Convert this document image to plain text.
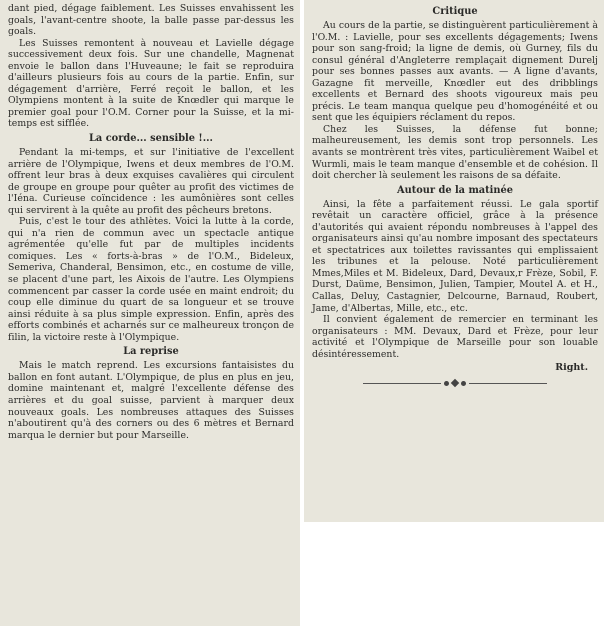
dant pied, dégage faiblement. Les Suisses envahissent les goals, l'avant-centre shoote, la balle passe par-dessus les goals.

Les Suisses remontent à nouveau et Lavielle dégage successivement deux fois. Sur une chandelle, Magnenat envoie le ballon dans l'Huveaune; le fait se reproduira d'ailleurs plusieurs fois au cours de la partie. Enfin, sur dégagement d'arrière, Ferré reçoit le ballon, et les Olympiens montent à la suite de Knœdler qui marque le premier goal pour l'O.M. Corner pour la Suisse, et la mi-temps est sifflée.

La corde... sensible !...

Pendant la mi-temps, et sur l'initiative de l'excellent arrière de l'Olympique, Iwens et deux membres de l'O.M. offrent leur bras à deux exquises cavalières qui circulent de groupe en groupe pour quêter au profit des victimes de l'Iéna. Curieuse coïncidence : les aumônières sont celles qui servirent à la quête au profit des pêcheurs bretons.

Puis, c'est le tour des athlètes. Voici la lutte à la corde, qui n'a rien de commun avec un spectacle antique agrémentée qu'elle fut par de multiples incidents comiques. Les « forts-à-bras » de l'O.M., Bideleux, Semeriva, Chanderal, Bensimon, etc., en costume de ville, se placent d'une part, les Aixois de l'autre. Les Olympiens commencent par casser la corde usée en maint endroit; du coup elle diminue du quart de sa longueur et se trouve ainsi réduite à sa plus simple expression. Enfin, après des efforts combinés et acharnés sur ce malheureux tronçon de filin, la victoire reste à l'Olympique.

La reprise

Mais le match reprend. Les excursions fantaisistes du ballon en font autant. L'Olympique, de plus en plus en jeu, domine maintenant et, malgré l'excellente défense des arrières et du goal suisse, parvient à marquer deux nouveaux goals. Les nombreuses attaques des Suisses n'aboutirent qu'à des corners ou des 6 mètres et Bernard marqua le dernier but pour Marseille.

Critique

Au cours de la partie, se distinguèrent particulièrement à l'O.M. : Lavielle, pour ses excellents dégagements; Iwens pour son sang-froid; la ligne de demis, où Gurney, fils du consul général d'Angleterre remplaçait dignement Durelj pour ses bonnes passes aux avants. — A ligne d'avants, Gazagne fit merveille, Knœdler eut des dribblings excellents et Bernard des shoots vigoureux mais peu précis. Le team manqua quelque peu d'homogénéité et ou sent que les équipiers réclament du repos.

Chez les Suisses, la défense fut bonne; malheureusement, les demis sont trop personnels. Les avants se montrèrent très vites, particulièrement Waibel et Wurmli, mais le team manque d'ensemble et de cohésion. Il doit chercher là seulement les raisons de sa défaite.

Autour de la matinée

Ainsi, la fête a parfaitement réussi. Le gala sportif revêtait un caractère officiel, grâce à la présence d'autorités qui avaient répondu nombreuses à l'appel des organisateurs ainsi qu'au nombre imposant des spectateurs et spectatrices aux toilettes ravissantes qui emplissaient les tribunes et la pelouse. Noté particulièrement Mmes,Miles et M. Bideleux, Dard, Devaux,r Frèze, Sobil, F. Durst, Daüme, Bensimon, Julien, Tampier, Moutel A. et H., Callas, Deluy, Castagnier, Delcourne, Barnaud, Roubert, Jame, d'Albertas, Mille, etc., etc.

Il convient également de remercier en terminant les organisateurs : MM. Devaux, Dard et Frèze, pour leur activité et l'Olympique de Marseille pour son louable désintéressement.

Right.
